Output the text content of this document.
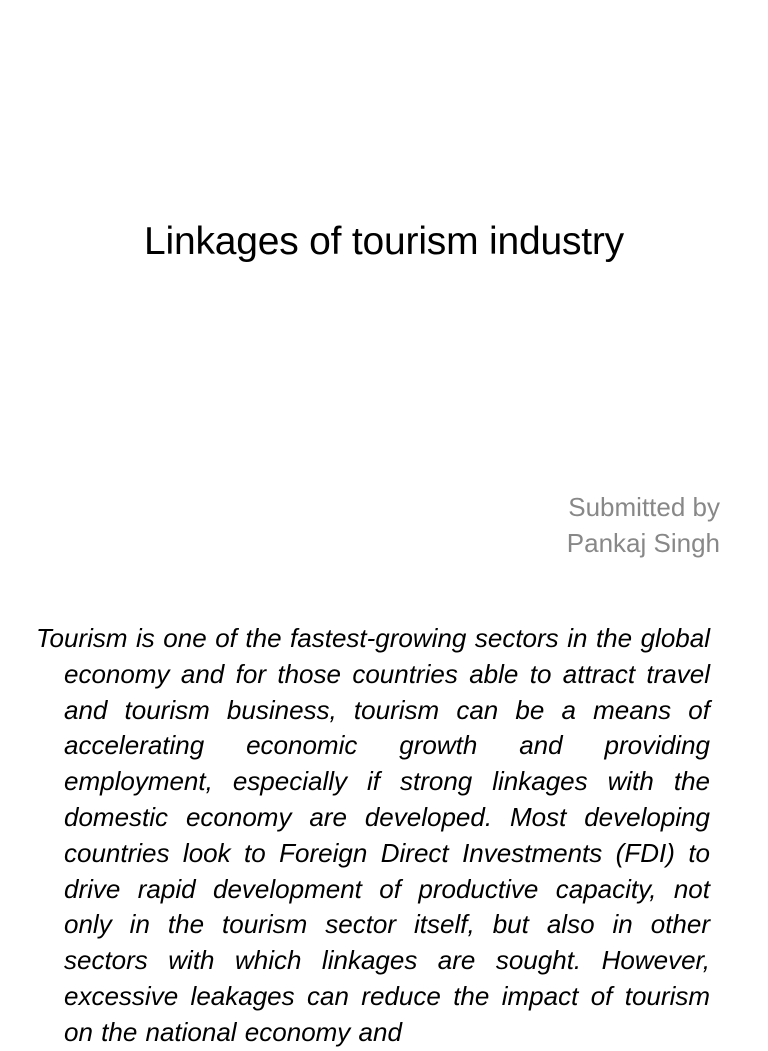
Linkages of tourism industry
Submitted by
Pankaj Singh

Tourism is one of the fastest-growing sectors in the global economy and for those countries able to attract travel and tourism business, tourism can be a means of accelerating economic growth and providing employment, especially if strong linkages with the domestic economy are developed. Most developing countries look to Foreign Direct Investments (FDI) to drive rapid development of productive capacity, not only in the tourism sector itself, but also in other sectors with which linkages are sought. However, excessive leakages can reduce the impact of tourism on the national economy and
